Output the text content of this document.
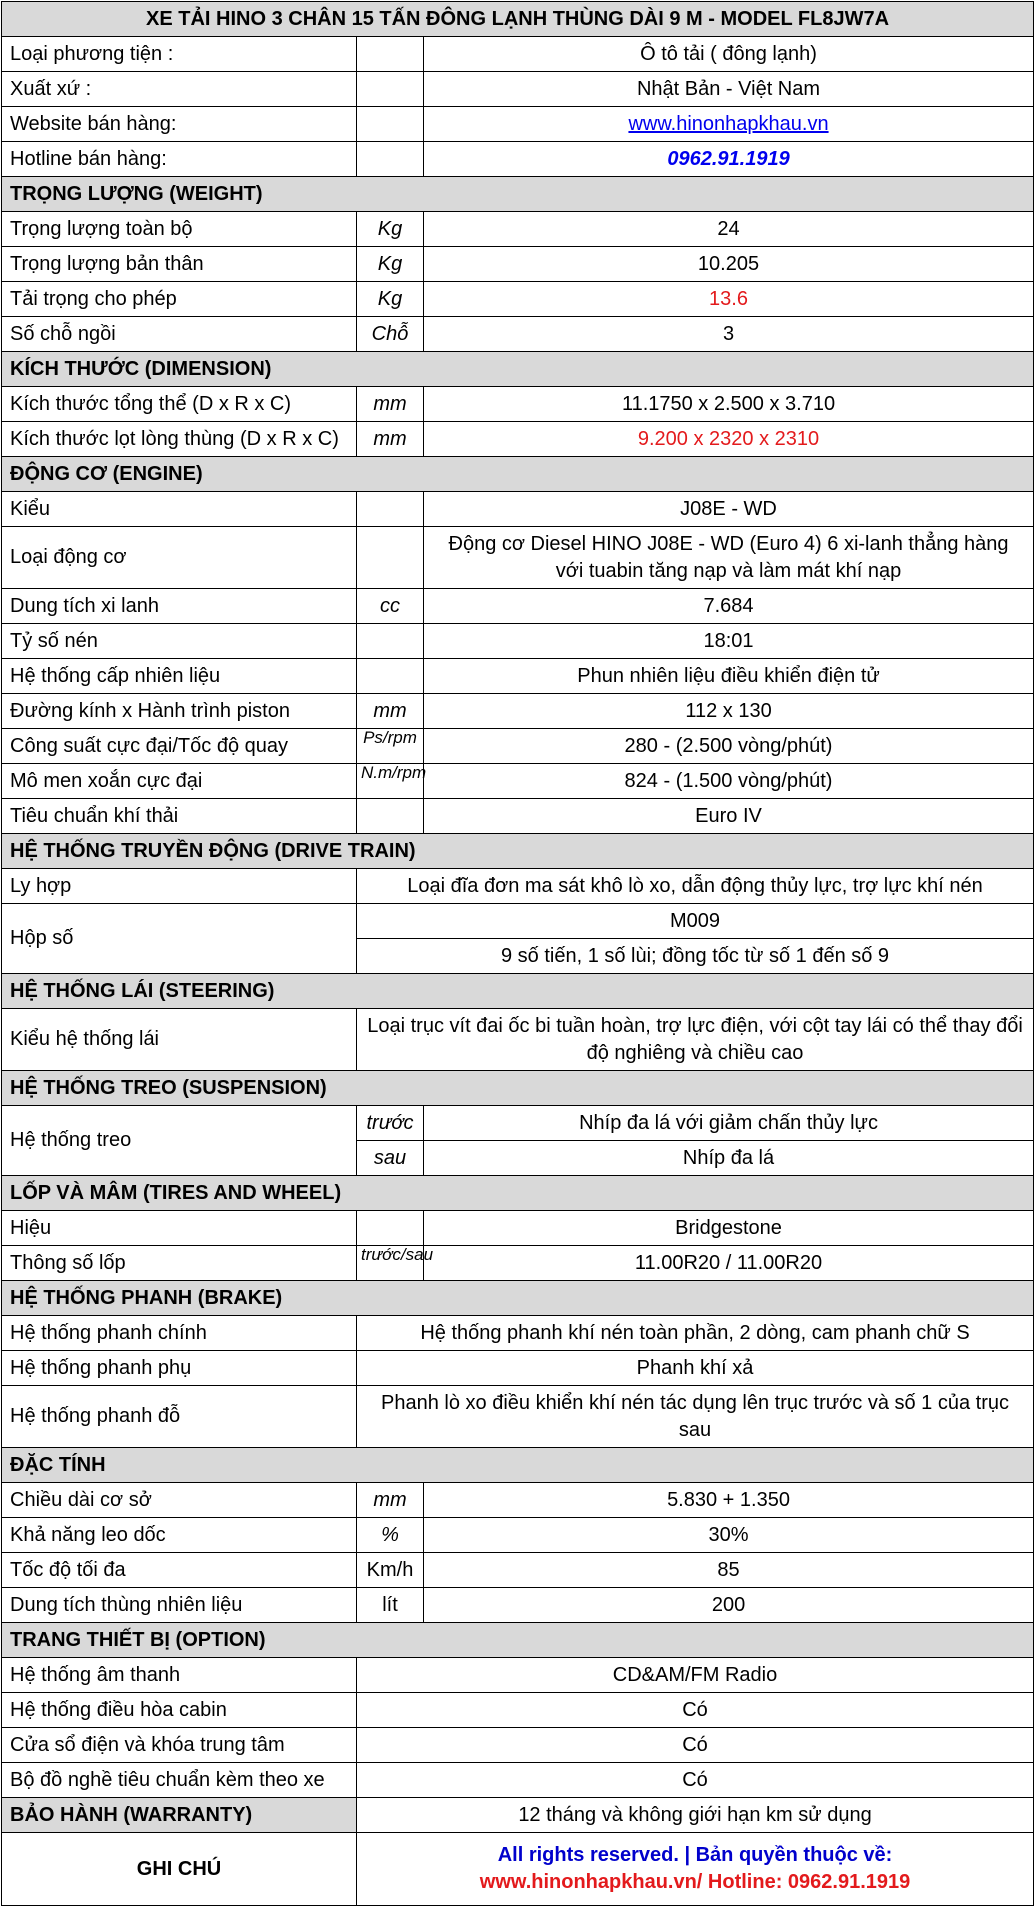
XE TẢI HINO 3 CHÂN 15 TẤN ĐÔNG LẠNH THÙNG DÀI 9 M - MODEL FL8JW7A		
Loại phương tiện :		Ô tô tải ( đông lạnh)
Xuất xứ :		Nhật Bản - Việt Nam
Website bán hàng:		www.hinonhapkhau.vn
Hotline bán hàng:		0962.91.1919
TRỌNG LƯỢNG (WEIGHT)		
Trọng lượng toàn bộ	Kg	24
Trọng lượng bản thân	Kg	10.205
Tải trọng cho phép	Kg	13.6
Số chỗ ngồi	Chỗ	3
KÍCH THƯỚC (DIMENSION)		
Kích thước tổng thể (D x R x C)	mm	11.1750 x 2.500 x 3.710
Kích thước lọt lòng thùng (D x R x C)	mm	9.200 x 2320 x 2310
ĐỘNG CƠ (ENGINE)		
Kiểu		J08E - WD
Loại động cơ		Động cơ Diesel HINO J08E - WD (Euro 4) 6 xi-lanh thẳng hàng với tuabin tăng nạp và làm mát khí nạp
Dung tích xi lanh	cc	7.684
Tỷ số nén		18:01
Hệ thống cấp nhiên liệu		Phun nhiên liệu điều khiển điện tử
Đường kính x Hành trình piston	mm	112 x 130
Công suất cực đại/Tốc độ quay	Ps/rpm	280 - (2.500 vòng/phút)
Mô men xoắn cực đại	N.m/rpm	824 - (1.500 vòng/phút)
Tiêu chuẩn khí thải		Euro IV
HỆ THỐNG TRUYỀN ĐỘNG (DRIVE TRAIN)		
Ly hợp	Loại đĩa đơn ma sát khô lò xo, dẫn động thủy lực, trợ lực khí nén	
Hộp số	M009	
	9 số tiến, 1 số lùi; đồng tốc từ số 1 đến số 9	
HỆ THỐNG LÁI (STEERING)		
Kiểu hệ thống lái	Loại trục vít đai ốc bi tuần hoàn, trợ lực điện, với cột tay lái có thể thay đổi độ nghiêng và chiều cao	
HỆ THỐNG TREO (SUSPENSION)		
Hệ thống treo	trước	Nhíp đa lá với giảm chấn thủy lực
	sau	Nhíp đa lá
LỐP VÀ MÂM (TIRES AND WHEEL)		
Hiệu		Bridgestone
Thông số lốp	trước/sau	11.00R20 / 11.00R20
HỆ THỐNG PHANH (BRAKE)		
Hệ thống phanh chính	Hệ thống phanh khí nén toàn phần, 2 dòng, cam phanh chữ S	
Hệ thống phanh phụ	Phanh khí xả	
Hệ thống phanh đỗ	Phanh lò xo điều khiển khí nén tác dụng lên trục trước và số 1 của trục sau	
ĐẶC TÍNH		
Chiều dài cơ sở	mm	5.830 + 1.350
Khả năng leo dốc	%	30%
Tốc độ tối đa	Km/h	85
Dung tích thùng nhiên liệu	lít	200
TRANG THIẾT BỊ (OPTION)		
Hệ thống âm thanh	CD&AM/FM Radio	
Hệ thống điều hòa cabin	Có	
Cửa sổ điện và khóa trung tâm	Có	
Bộ đồ nghề tiêu chuẩn kèm theo xe	Có	
BẢO HÀNH (WARRANTY)	12 tháng và không giới hạn km sử dụng	
GHI CHÚ	All rights reserved. | Bản quyền thuộc về:
www.hinonhapkhau.vn/ Hotline: 0962.91.1919	
